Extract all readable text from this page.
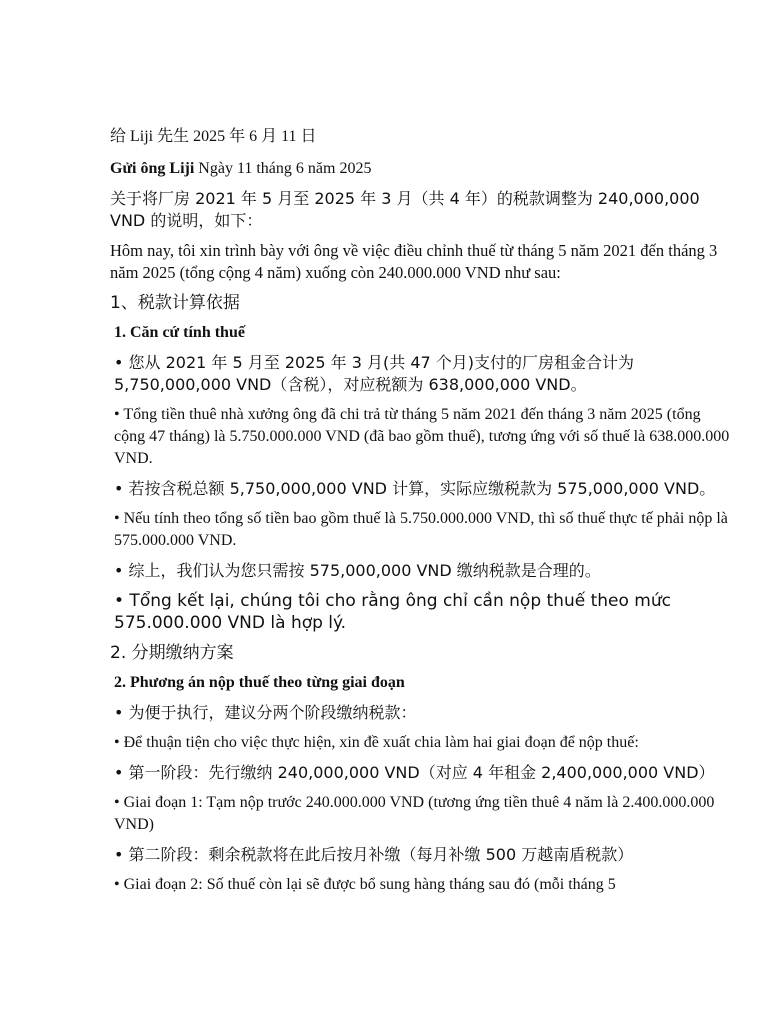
给 Liji 先生 2025 年 6 月 11 日

Gửi ông Liji Ngày 11 tháng 6 năm 2025

关于将厂房 2021 年 5 月至 2025 年 3 月（共 4 年）的税款调整为 240,000,000 VND 的说明，如下：

Hôm nay, tôi xin trình bày với ông về việc điều chỉnh thuế từ tháng 5 năm 2021 đến tháng 3 năm 2025 (tổng cộng 4 năm) xuống còn 240.000.000 VND như sau:

1、税款计算依据

1. Căn cứ tính thuế

• 您从 2021 年 5 月至 2025 年 3 月(共 47 个月)支付的厂房租金合计为 5,750,000,000 VND（含税），对应税额为 638,000,000 VND。

• Tổng tiền thuê nhà xưởng ông đã chi trả từ tháng 5 năm 2021 đến tháng 3 năm 2025 (tổng cộng 47 tháng) là 5.750.000.000 VND (đã bao gồm thuế), tương ứng với số thuế là 638.000.000 VND.

• 若按含税总额 5,750,000,000 VND 计算，实际应缴税款为 575,000,000 VND。

• Nếu tính theo tổng số tiền bao gồm thuế là 5.750.000.000 VND, thì số thuế thực tế phải nộp là 575.000.000 VND.

• 综上，我们认为您只需按 575,000,000 VND 缴纳税款是合理的。

• Tổng kết lại, chúng tôi cho rằng ông chỉ cần nộp thuế theo mức 575.000.000 VND là hợp lý.

2. 分期缴纳方案

2. Phương án nộp thuế theo từng giai đoạn

• 为便于执行，建议分两个阶段缴纳税款：

• Để thuận tiện cho việc thực hiện, xin đề xuất chia làm hai giai đoạn để nộp thuế:

• 第一阶段：先行缴纳 240,000,000 VND（对应 4 年租金 2,400,000,000 VND）

• Giai đoạn 1: Tạm nộp trước 240.000.000 VND (tương ứng tiền thuê 4 năm là 2.400.000.000 VND)

• 第二阶段：剩余税款将在此后按月补缴（每月补缴 500 万越南盾税款）

• Giai đoạn 2: Số thuế còn lại sẽ được bổ sung hàng tháng sau đó (mỗi tháng 5
